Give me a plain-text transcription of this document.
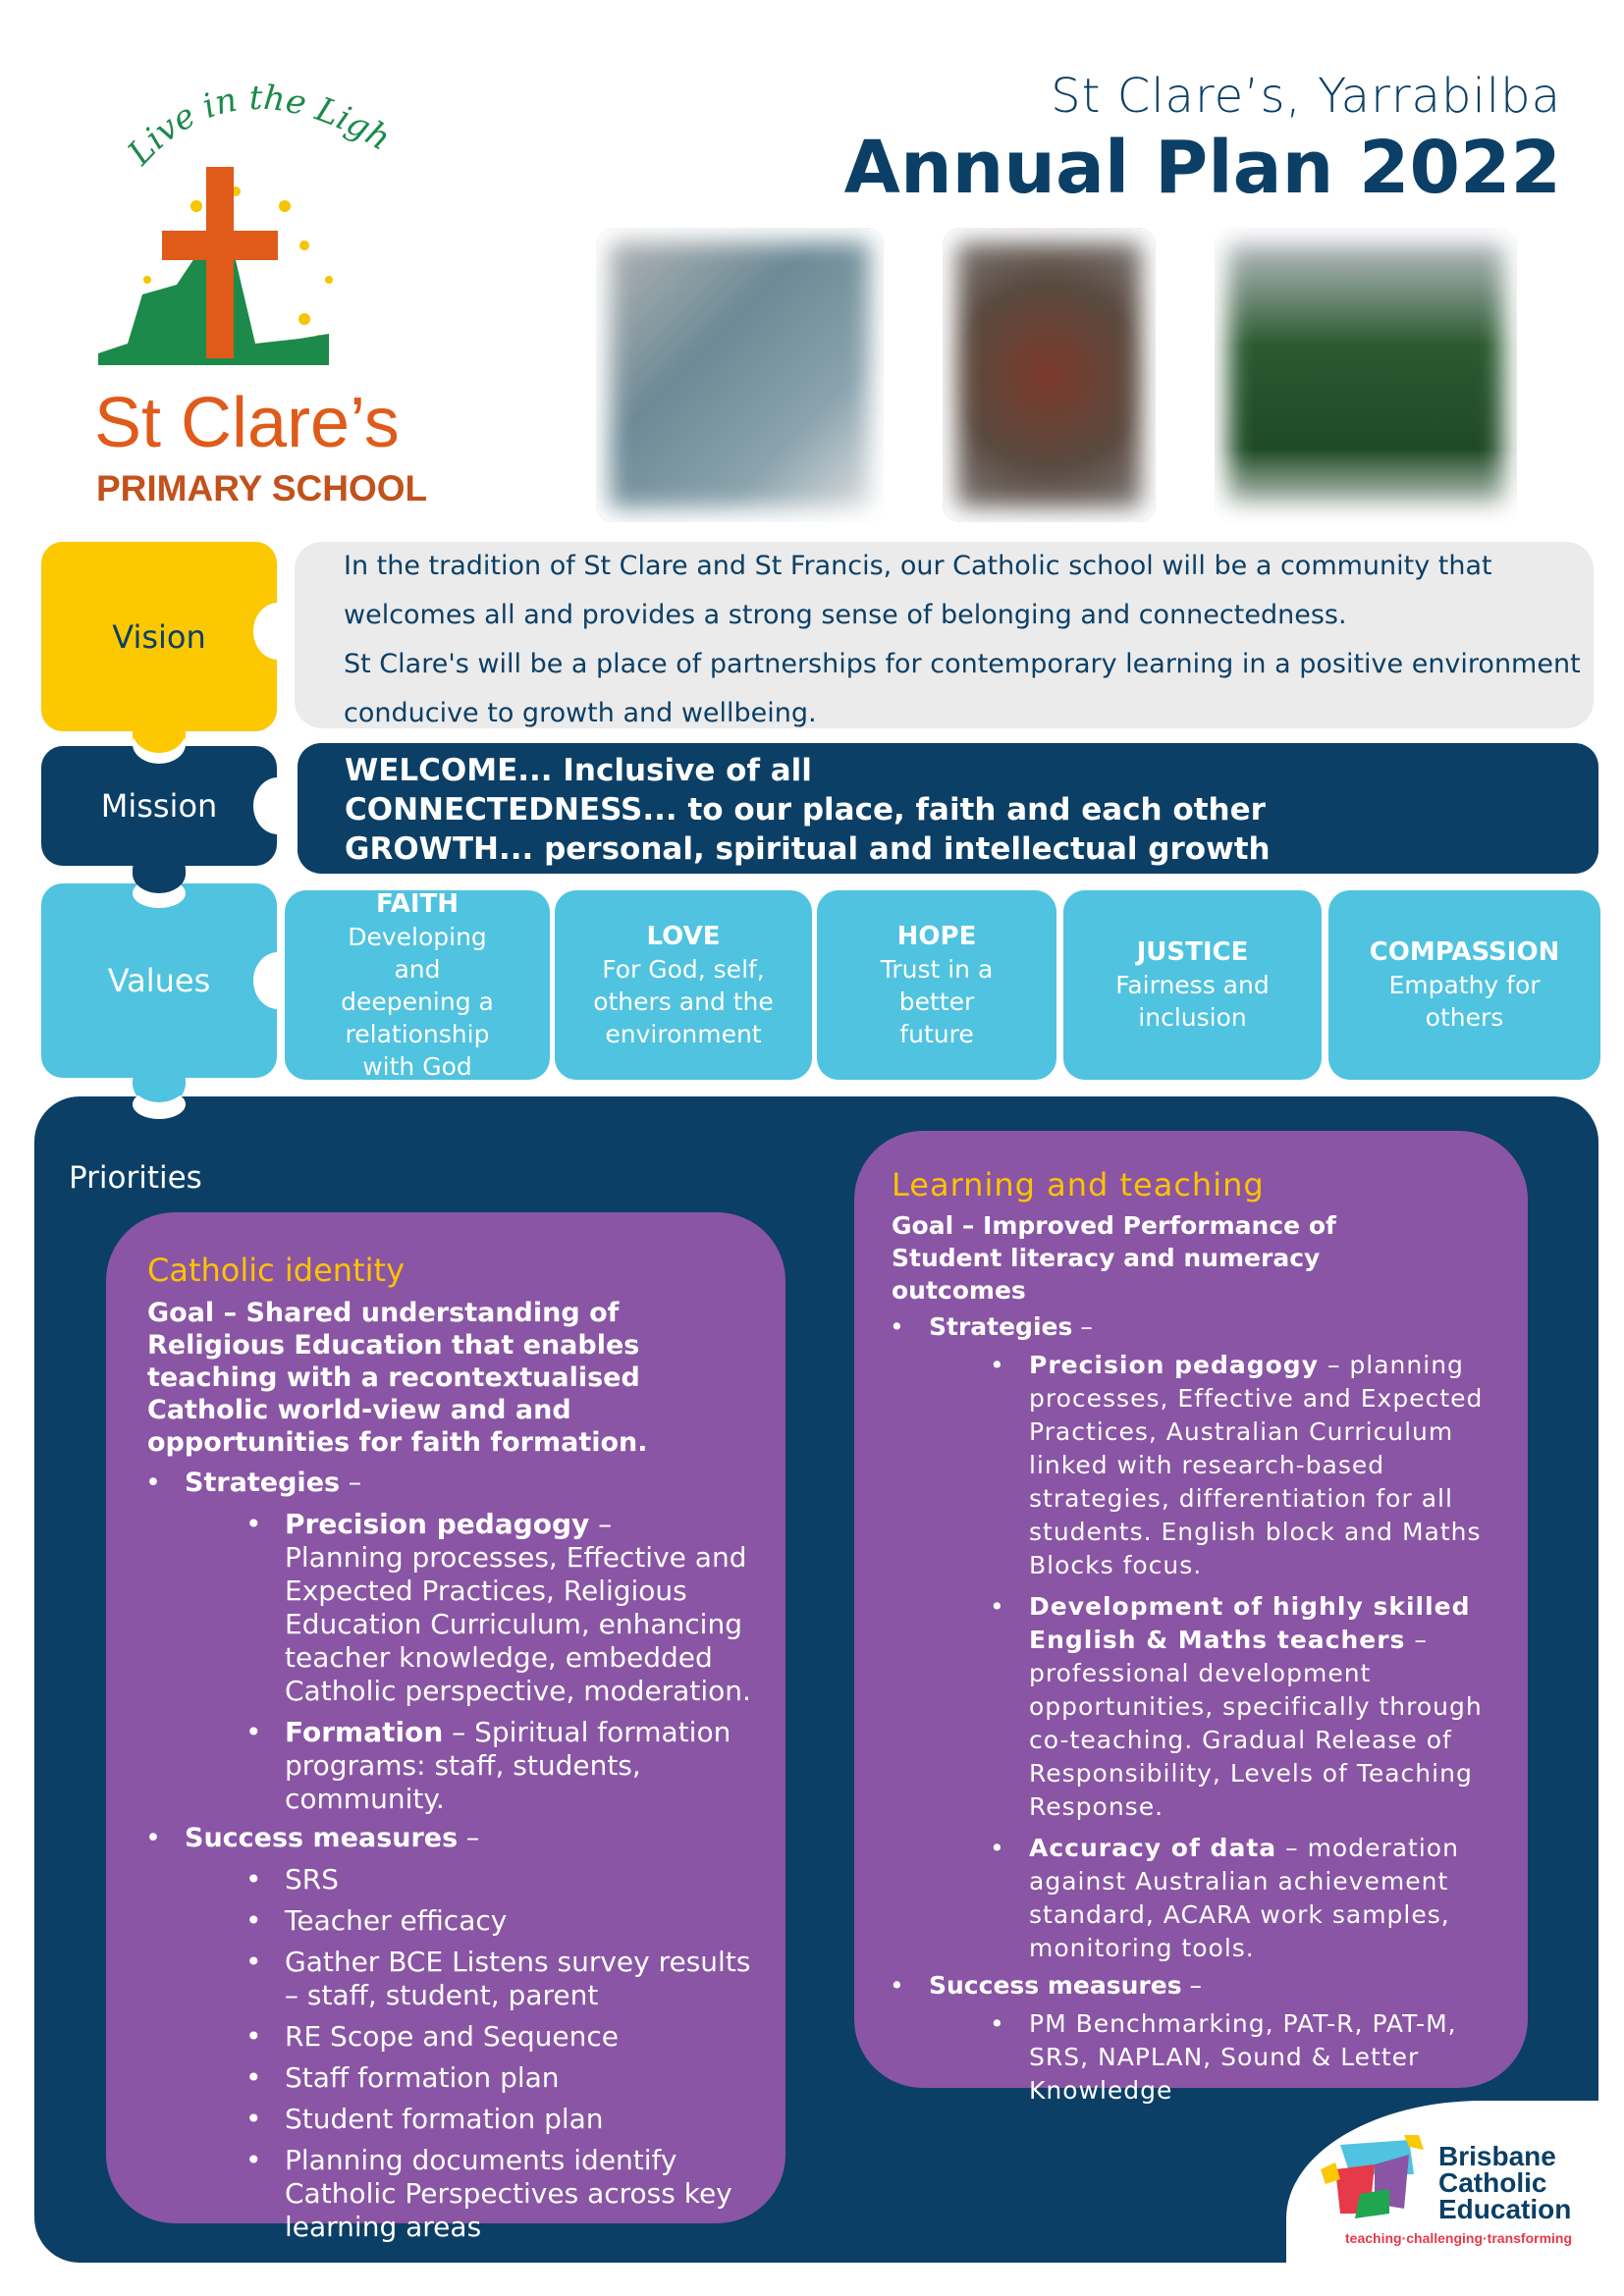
Live in the Ligh
St Clare’s
PRIMARY SCHOOL
St Clare’s, Yarrabilba
Annual Plan 2022
Vision
In the tradition of St Clare and St Francis, our Catholic school will be a community that
welcomes all and provides a strong sense of belonging and connectedness.
St Clare's will be a place of partnerships for contemporary learning in a positive environment
conducive to growth and wellbeing.
Mission
WELCOME... Inclusive of all
CONNECTEDNESS... to our place, faith and each other
GROWTH... personal, spiritual and intellectual growth
Values
FAITH
Developing and deepening a relationship with God
LOVE
For God, self, others and the environment
HOPE
Trust in a better future
JUSTICE
Fairness and inclusion
COMPASSION
Empathy for others
Priorities
Catholic identity

Goal – Shared understanding of Religious Education that enables teaching with a recontextualised Catholic world-view and and opportunities for faith formation.

• Strategies –
• Precision pedagogy –
Planning processes, Effective and Expected Practices, Religious Education Curriculum, enhancing teacher knowledge, embedded Catholic perspective, moderation.
• Formation – Spiritual formation programs: staff, students, community.
• Success measures –
• SRS
• Teacher efficacy
• Gather BCE Listens survey results – staff, student, parent
• RE Scope and Sequence
• Staff formation plan
• Student formation plan
• Planning documents identify Catholic Perspectives across key learning areas
Learning and teaching

Goal – Improved Performance of Student literacy and numeracy outcomes

• Strategies –
• Precision pedagogy – planning processes, Effective and Expected Practices, Australian Curriculum linked with research-based strategies, differentiation for all students. English block and Maths Blocks focus.
• Development of highly skilled English & Maths teachers – professional development opportunities, specifically through co-teaching. Gradual Release of Responsibility, Levels of Teaching Response.
• Accuracy of data – moderation against Australian achievement standard, ACARA work samples, monitoring tools.
• Success measures –
• PM Benchmarking, PAT-R, PAT-M, SRS, NAPLAN, Sound & Letter Knowledge
Brisbane
Catholic
Education
teaching·challenging·transforming
